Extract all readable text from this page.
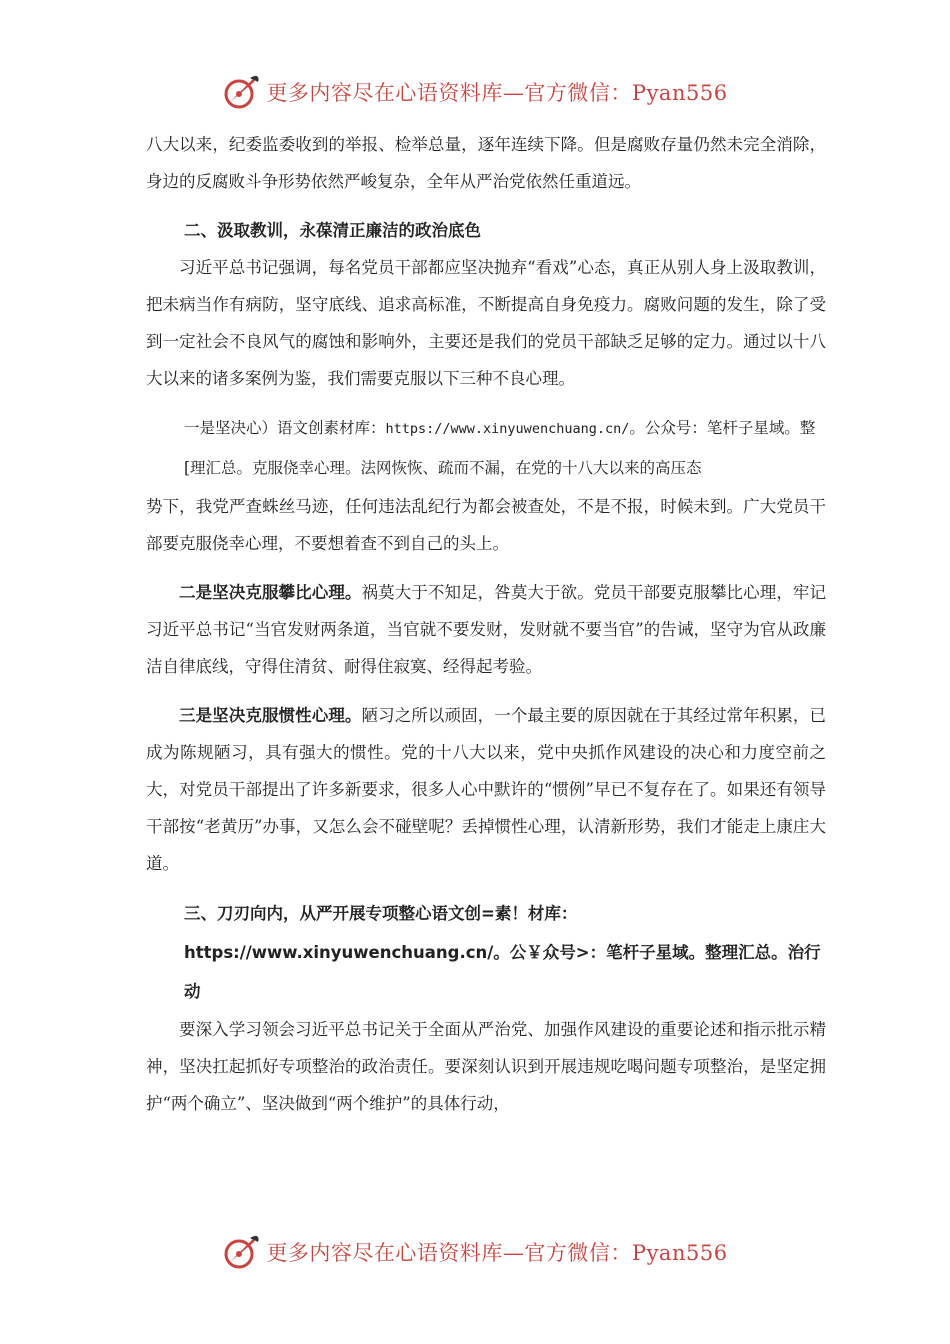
更多内容尽在心语资料库—官方微信：Pyan556

八大以来，纪委监委收到的举报、检举总量，逐年连续下降。但是腐败存量仍然未完全消除，身边的反腐败斗争形势依然严峻复杂，全年从严治党依然任重道远。

二、汲取教训，永葆清正廉洁的政治底色

习近平总书记强调，每名党员干部都应坚决抛弃“看戏”心态，真正从别人身上汲取教训，把未病当作有病防，坚守底线、追求高标准，不断提高自身免疫力。腐败问题的发生，除了受到一定社会不良风气的腐蚀和影响外，主要还是我们的党员干部缺乏足够的定力。通过以十八大以来的诸多案例为鉴，我们需要克服以下三种不良心理。

一是坚决心）语文创素材库：https://www.xinyuwenchuang.cn/。公众号：笔杆子星域。整[理汇总。克服侥幸心理。法网恢恢、疏而不漏，在党的十八大以来的高压态

势下，我党严查蛛丝马迹，任何违法乱纪行为都会被查处，不是不报，时候未到。广大党员干部要克服侥幸心理，不要想着查不到自己的头上。

二是坚决克服攀比心理。祸莫大于不知足，咎莫大于欲。党员干部要克服攀比心理，牢记习近平总书记“当官发财两条道，当官就不要发财，发财就不要当官”的告诫，坚守为官从政廉洁自律底线，守得住清贫、耐得住寂寞、经得起考验。

三是坚决克服惯性心理。陋习之所以顽固，一个最主要的原因就在于其经过常年积累，已成为陈规陋习，具有强大的惯性。党的十八大以来，党中央抓作风建设的决心和力度空前之大，对党员干部提出了许多新要求，很多人心中默许的“惯例”早已不复存在了。如果还有领导干部按“老黄历”办事，又怎么会不碰壁呢？丢掉惯性心理，认清新形势，我们才能走上康庄大道。

三、刀刃向内，从严开展专项整心语文创=素！材库：https://www.xinyuwenchuang.cn/。公￥众号>：笔杆子星域。整理汇总。治行动

要深入学习领会习近平总书记关于全面从严治党、加强作风建设的重要论述和指示批示精神，坚决扛起抓好专项整治的政治责任。要深刻认识到开展违规吃喝问题专项整治，是坚定拥护“两个确立”、坚决做到“两个维护”的具体行动，

更多内容尽在心语资料库—官方微信：Pyan556
